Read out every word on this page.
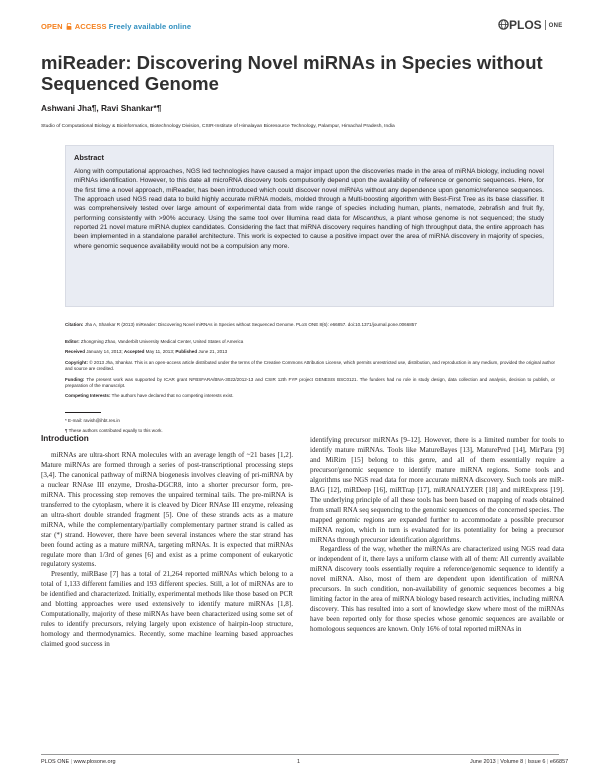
OPEN ACCESS Freely available online	PLOS ONE
miReader: Discovering Novel miRNAs in Species without Sequenced Genome
Ashwani Jha¶, Ravi Shankar*¶
Studio of Computational Biology & Bioinformatics, Biotechnology Division, CSIR-Institute of Himalayan Bioresource Technology, Palampur, Himachal Pradesh, India
Abstract
Along with computational approaches, NGS led technologies have caused a major impact upon the discoveries made in the area of miRNA biology, including novel miRNAs identification. However, to this date all microRNA discovery tools compulsorily depend upon the availability of reference or genomic sequences. Here, for the first time a novel approach, miReader, has been introduced which could discover novel miRNAs without any dependence upon genomic/reference sequences. The approach used NGS read data to build highly accurate miRNA models, molded through a Multi-boosting algorithm with Best-First Tree as its base classifier. It was comprehensively tested over large amount of experimental data from wide range of species including human, plants, nematode, zebrafish and fruit fly, performing consistently with >90% accuracy. Using the same tool over Illumina read data for Miscanthus, a plant whose genome is not sequenced; the study reported 21 novel mature miRNA duplex candidates. Considering the fact that miRNA discovery requires handling of high throughput data, the entire approach has been implemented in a standalone parallel architecture. This work is expected to cause a positive impact over the area of miRNA discovery in majority of species, where genomic sequence availability would not be a compulsion any more.
Citation: Jha A, Shankar R (2013) miReader: Discovering Novel miRNAs in Species without Sequenced Genome. PLoS ONE 8(6): e66857. doi:10.1371/journal.pone.0066857
Editor: Zhongming Zhao, Vanderbilt University Medical Center, United States of America
Received January 14, 2013; Accepted May 11, 2013; Published June 21, 2013
Copyright: © 2013 Jha, Shankar. This is an open-access article distributed under the terms of the Creative Commons Attribution License, which permits unrestricted use, distribution, and reproduction in any medium, provided the original author and source are credited.
Funding: The present work was supported by ICAR grant NFBSFARA/BNA-3022/2012-13 and CSIR 12th FYP project GENESIS BSC0121. The funders had no role in study design, data collection and analysis, decision to publish, or preparation of the manuscript.
Competing Interests: The authors have declared that no competing interests exist.
* E-mail: ravish@ihbt.res.in
¶ These authors contributed equally to this work.
Introduction

miRNAs are ultra-short RNA molecules with an average length of ~21 bases [1,2]. Mature miRNAs are formed through a series of post-transcriptional processing steps [3,4]. The canonical pathway of miRNA biogenesis involves cleaving of pri-miRNA by a nuclear RNAse III enzyme, Drosha-DGCR8, into a shorter precursor form, pre-miRNA. This processing step removes the unpaired terminal tails. The pre-miRNA is transferred to the cytoplasm, where it is cleaved by Dicer RNAse III enzyme, releasing an ultra-short double stranded fragment [5]. One of these strands acts as a mature miRNA, while the complementary/partially complementary partner strand is called as star (*) strand. However, there have been several instances where the star strand has been found acting as a mature miRNA, targeting mRNAs. It is expected that miRNAs regulate more than 1/3rd of genes [6] and exist as a prime component of eukaryotic regulatory systems.

Presently, miRBase [7] has a total of 21,264 reported miRNAs which belong to a total of 1,133 different families and 193 different species. Still, a lot of miRNAs are to be identified and characterized. Initially, experimental methods like those based on PCR and blotting approaches were used extensively to identify mature miRNAs [1,8]. Computationally, majority of these miRNAs have been characterized using some set of rules to identify precursors, relying largely upon existence of hairpin-loop structure, homology and thermodynamics. Recently, some machine learning based approaches claimed good success in

identifying precursor miRNAs [9–12]. However, there is a limited number for tools to identify mature miRNAs. Tools like MatureBayes [13], MaturePred [14], MirPara [9] and MiRim [15] belong to this genre, and all of them essentially require a precursor/genomic sequence to identify mature miRNA regions. Some tools and algorithms use NGS read data for more accurate miRNA discovery. Such tools are miR-BAG [12], miRDeep [16], miRTrap [17], miRANALYZER [18] and miRExpress [19]. The underlying principle of all these tools has been based on mapping of reads obtained from small RNA seq sequencing to the genomic sequences of the concerned species. The mapped genomic regions are expanded further to accommodate a possible precursor miRNA region, which in turn is evaluated for its potentiality for being a precursor miRNAs through precursor identification algorithms.

Regardless of the way, whether the miRNAs are characterized using NGS read data or independent of it, there lays a uniform clause with all of them: All currently available miRNA discovery tools essentially require a reference/genomic sequence to identify a novel miRNA. Also, most of them are dependent upon identification of miRNA precursors. In such condition, non-availability of genomic sequences becomes a big limiting factor in the area of miRNA biology based research activities, including miRNA discovery. This has resulted into a sort of knowledge skew where most of the miRNAs have been reported only for those species whose genomic sequences are available or homologous sequences are known. Only 16% of total reported miRNAs in

PLOS ONE | www.plosone.org	1	June 2013 | Volume 8 | Issue 6 | e66857
